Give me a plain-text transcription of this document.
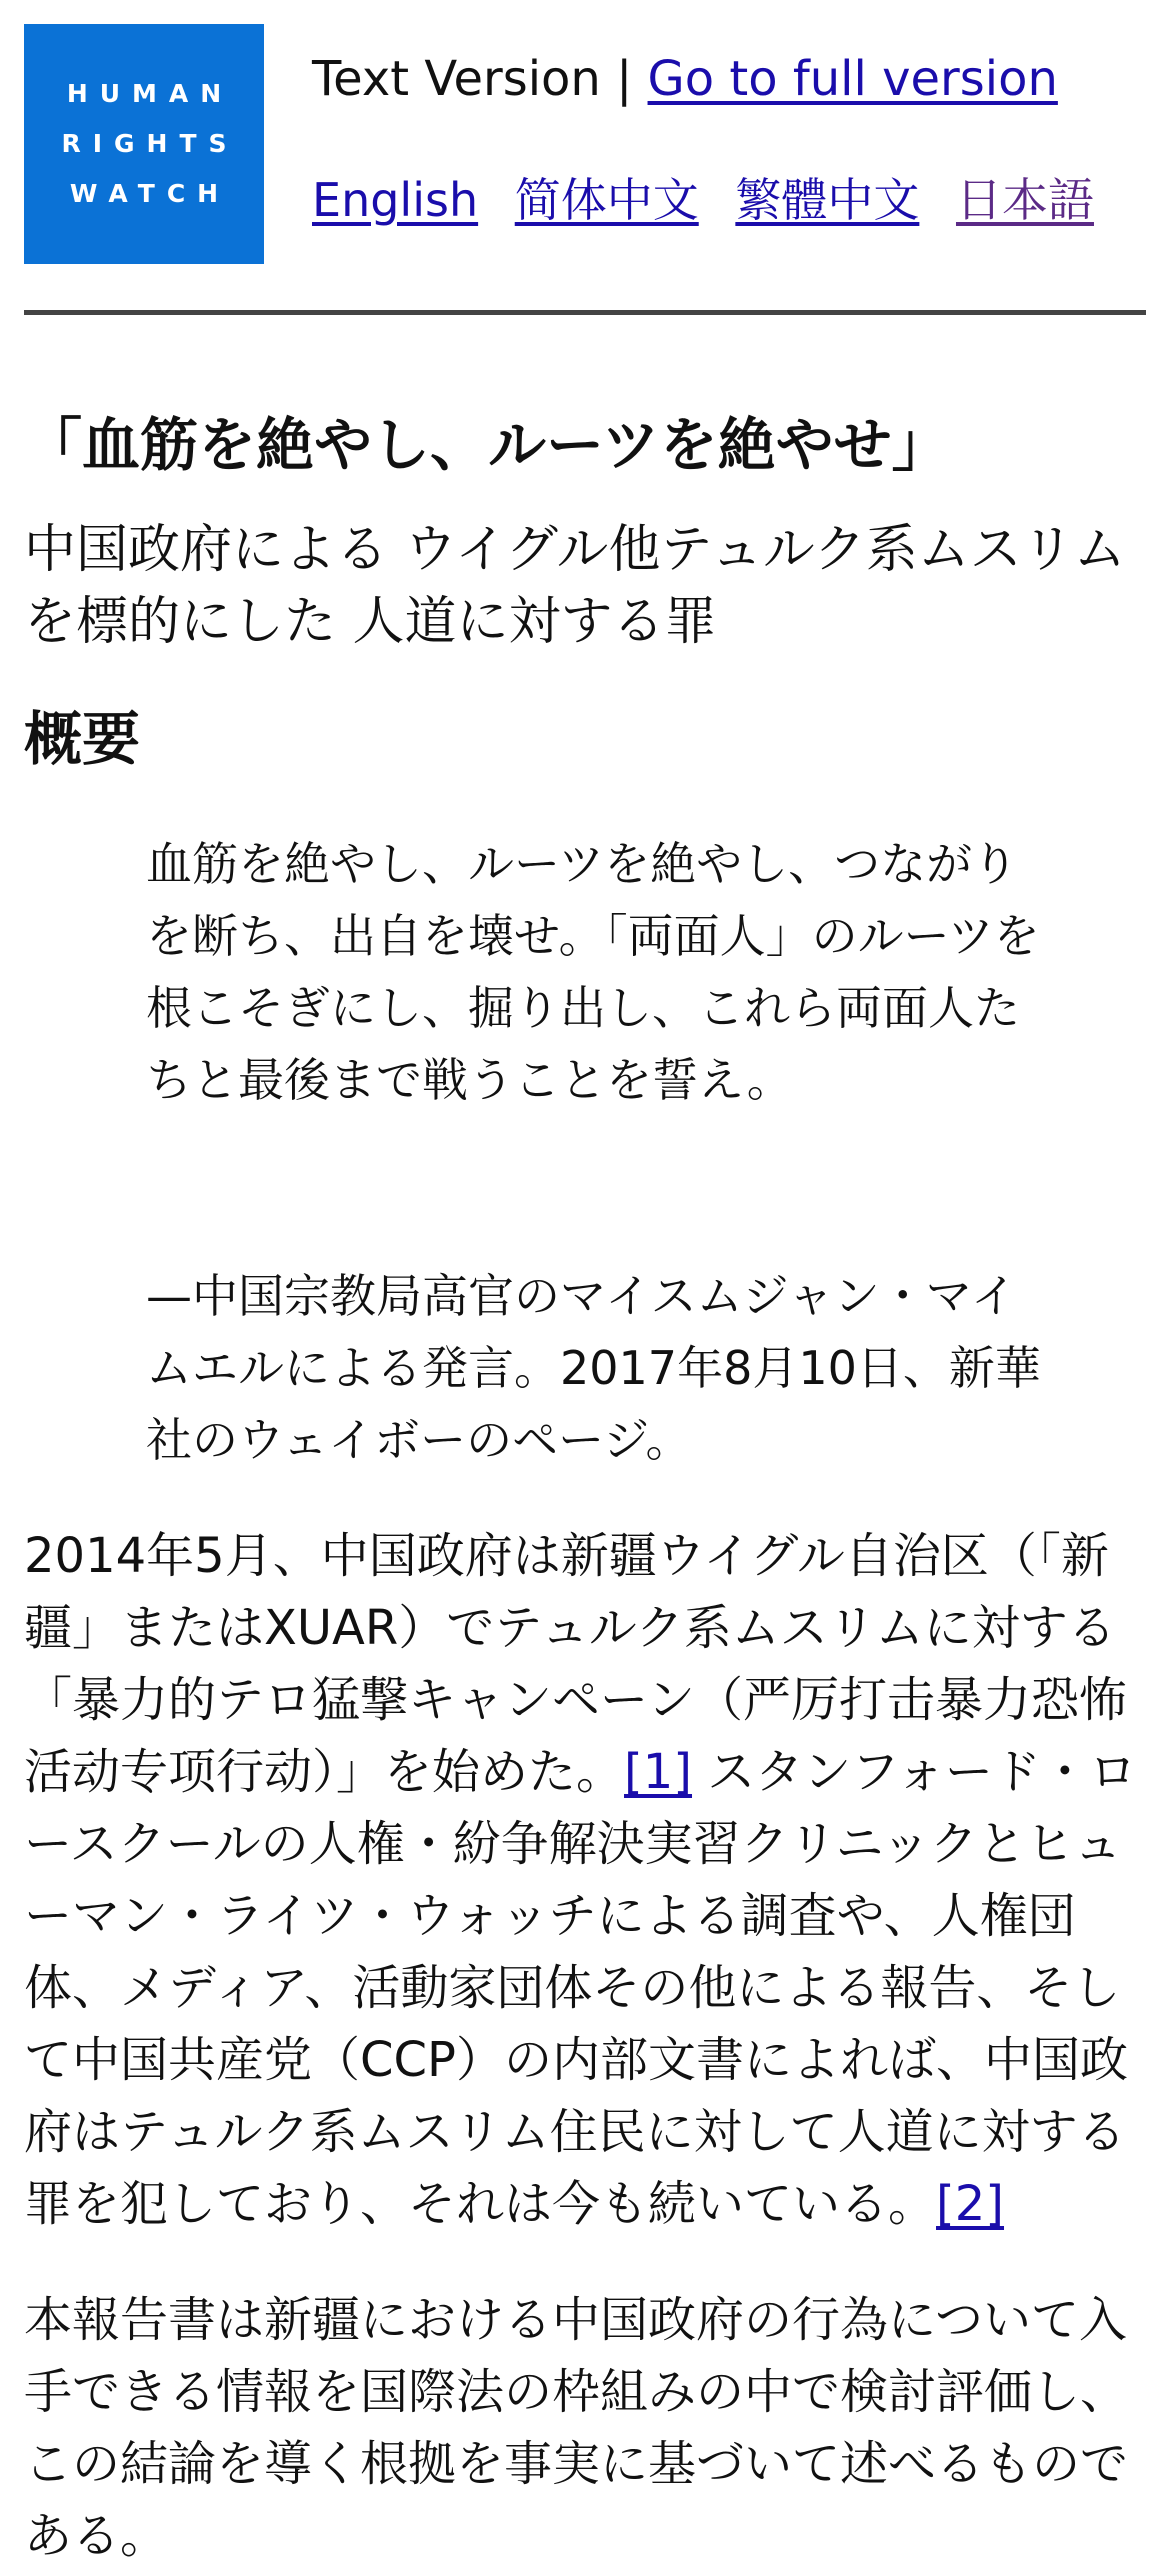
HUMAN
RIGHTS
WATCH
Text Version | Go to full version
English 简体中文 繁體中文 日本語
「血筋を絶やし、ルーツを絶やせ」

中国政府による ウイグル他テュルク系ムスリムを標的にした 人道に対する罪

概要

血筋を絶やし、ルーツを絶やし、つながりを断ち、出自を壊せ。「両面人」のルーツを根こそぎにし、掘り出し、これら両面人たちと最後まで戦うことを誓え。

—中国宗教局高官のマイスムジャン・マイムエルによる発言。2017年8月10日、新華社のウェイボーのページ。

2014年5月、中国政府は新疆ウイグル自治区（「新疆」またはXUAR）でテュルク系ムスリムに対する「暴力的テロ猛撃キャンペーン（严厉打击暴力恐怖活动专项行动）」を始めた。[1] スタンフォード・ロースクールの人権・紛争解決実習クリニックとヒューマン・ライツ・ウォッチによる調査や、人権団体、メディア、活動家団体その他による報告、そして中国共産党（CCP）の内部文書によれば、中国政府はテュルク系ムスリム住民に対して人道に対する罪を犯しており、それは今も続いている。[2]

本報告書は新疆における中国政府の行為について入手できる情報を国際法の枠組みの中で検討評価し、この結論を導く根拠を事実に基づいて述べるものである。
